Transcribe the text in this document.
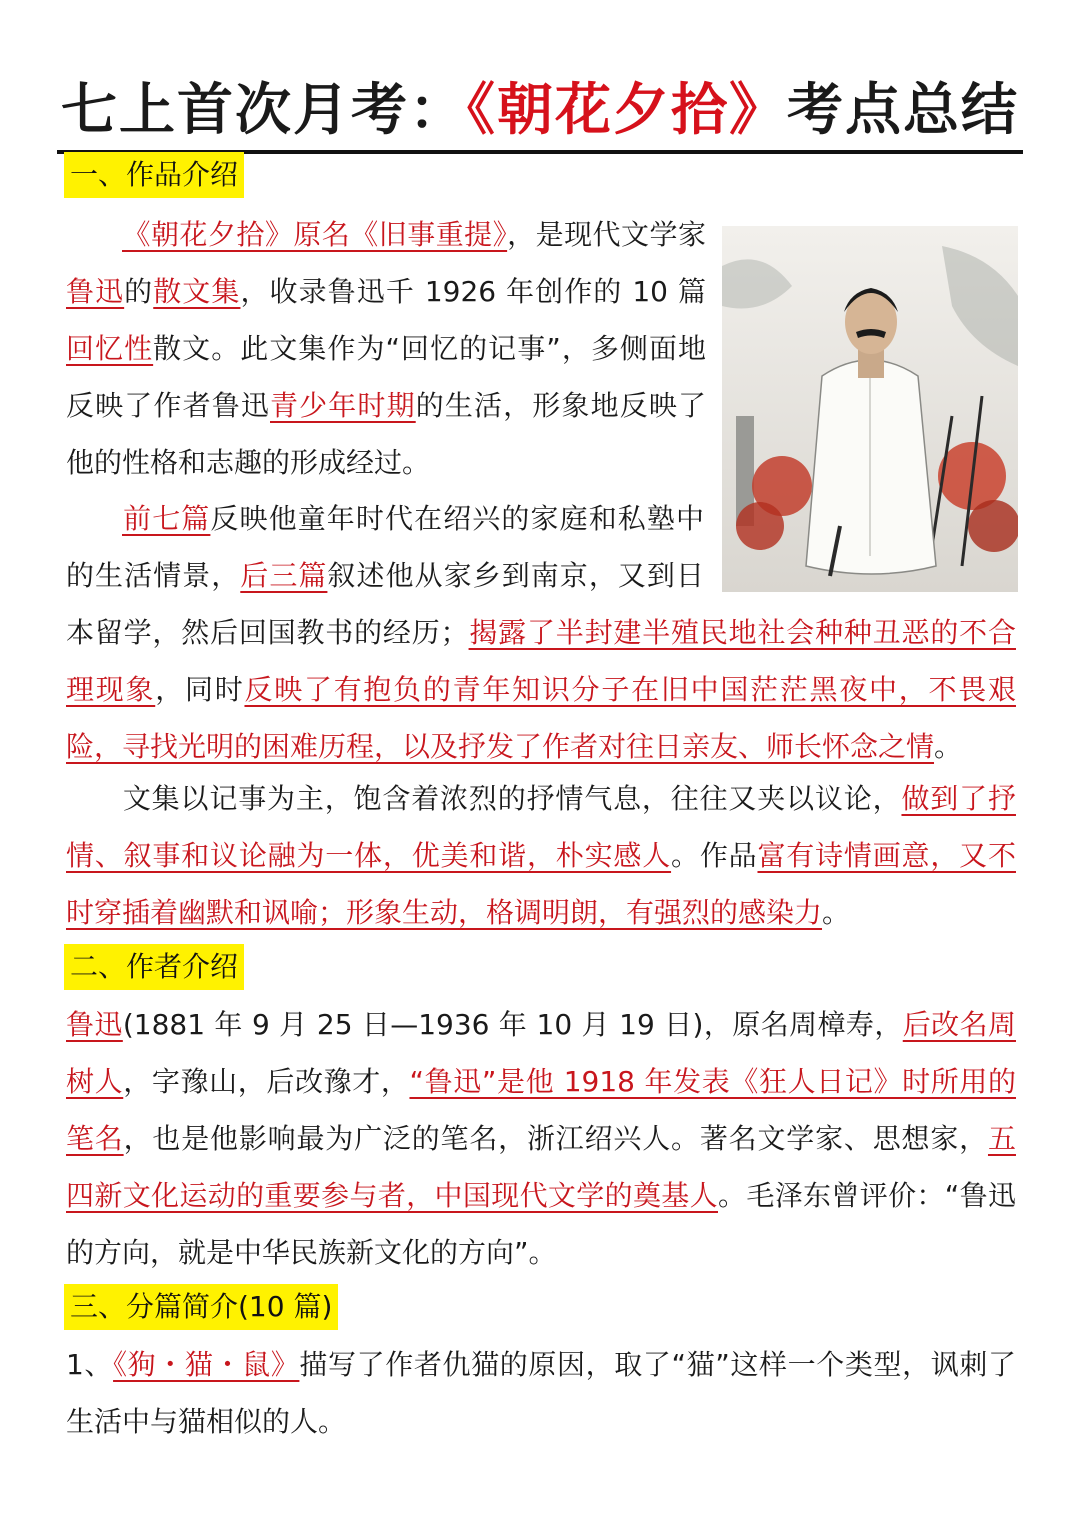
七上首次月考：《朝花夕拾》考点总结
一、作品介绍

《朝花夕拾》原名《旧事重提》，是现代文学家鲁迅的散文集，收录鲁迅千 1926 年创作的 10 篇回忆性散文。此文集作为“回忆的记事”，多侧面地反映了作者鲁迅青少年时期的生活，形象地反映了他的性格和志趣的形成经过。

前七篇反映他童年时代在绍兴的家庭和私塾中的生活情景，后三篇叙述他从家乡到南京，又到日本留学，然后回国教书的经历；揭露了半封建半殖民地社会种种丑恶的不合理现象，同时反映了有抱负的青年知识分子在旧中国茫茫黑夜中，不畏艰险，寻找光明的困难历程，以及抒发了作者对往日亲友、师长怀念之情。

文集以记事为主，饱含着浓烈的抒情气息，往往又夹以议论，做到了抒情、叙事和议论融为一体，优美和谐，朴实感人。作品富有诗情画意，又不时穿插着幽默和讽喻；形象生动，格调明朗，有强烈的感染力。

二、作者介绍

鲁迅(1881 年 9 月 25 日—1936 年 10 月 19 日)，原名周樟寿，后改名周树人，字豫山，后改豫才，“鲁迅”是他 1918 年发表《狂人日记》时所用的笔名，也是他影响最为广泛的笔名，浙江绍兴人。著名文学家、思想家，五四新文化运动的重要参与者，中国现代文学的奠基人。毛泽东曾评价：“鲁迅的方向，就是中华民族新文化的方向”。

三、分篇简介(10 篇)

1、《狗・猫・鼠》描写了作者仇猫的原因，取了“猫”这样一个类型，讽刺了生活中与猫相似的人。
